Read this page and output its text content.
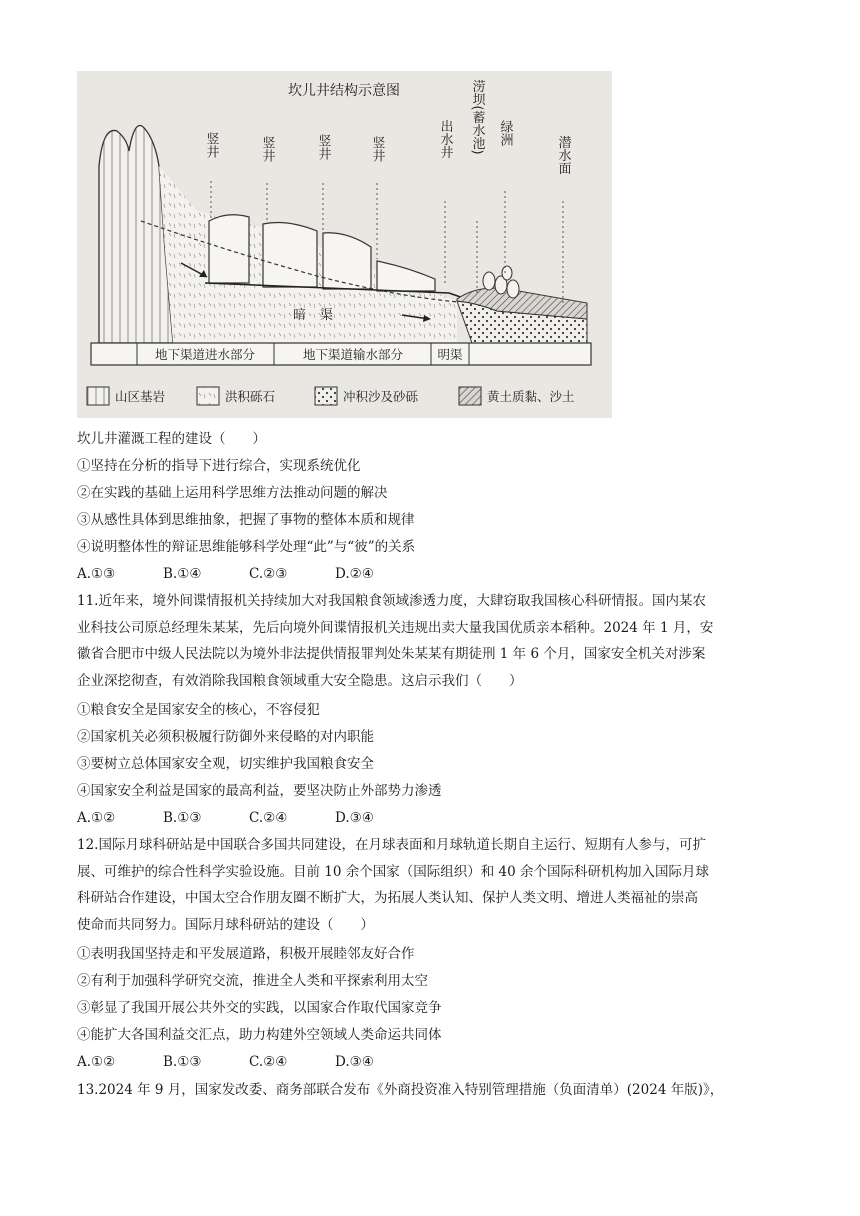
坎儿井结构示意图
竖井	竖井	竖井	竖井	出水井 涝坝(蓄水池) 绿洲
潜水面
暗渠
地下渠道进水部分	地下渠道输水部分	明渠
山区基岩	洪积砾石	冲积沙及砂砾	黄土质黏、沙土
坎儿井灌溉工程的建设（　　）
①坚持在分析的指导下进行综合，实现系统优化
②在实践的基础上运用科学思维方法推动问题的解决
③从感性具体到思维抽象，把握了事物的整体本质和规律
④说明整体性的辩证思维能够科学处理“此”与“彼”的关系
A.①③	B.①④	C.②③	D.②④
11.近年来，境外间谍情报机关持续加大对我国粮食领域渗透力度，大肆窃取我国核心科研情报。国内某农
业科技公司原总经理朱某某，先后向境外间谍情报机关违规出卖大量我国优质亲本稻种。2024 年 1 月，安
徽省合肥市中级人民法院以为境外非法提供情报罪判处朱某某有期徒刑 1 年 6 个月，国家安全机关对涉案
企业深挖彻查，有效消除我国粮食领域重大安全隐患。这启示我们（　　）
①粮食安全是国家安全的核心，不容侵犯
②国家机关必须积极履行防御外来侵略的对内职能
③要树立总体国家安全观，切实维护我国粮食安全
④国家安全利益是国家的最高利益，要坚决防止外部势力渗透
A.①②	B.①③	C.②④	D.③④
12.国际月球科研站是中国联合多国共同建设，在月球表面和月球轨道长期自主运行、短期有人参与，可扩
展、可维护的综合性科学实验设施。目前 10 余个国家（国际组织）和 40 余个国际科研机构加入国际月球
科研站合作建设，中国太空合作朋友圈不断扩大，为拓展人类认知、保护人类文明、增进人类福祉的崇高
使命而共同努力。国际月球科研站的建设（　　）
①表明我国坚持走和平发展道路，积极开展睦邻友好合作
②有利于加强科学研究交流，推进全人类和平探索利用太空
③彰显了我国开展公共外交的实践，以国家合作取代国家竞争
④能扩大各国利益交汇点，助力构建外空领域人类命运共同体
A.①②	B.①③	C.②④	D.③④
13.2024 年 9 月，国家发改委、商务部联合发布《外商投资准入特别管理措施（负面清单）(2024 年版)》，
